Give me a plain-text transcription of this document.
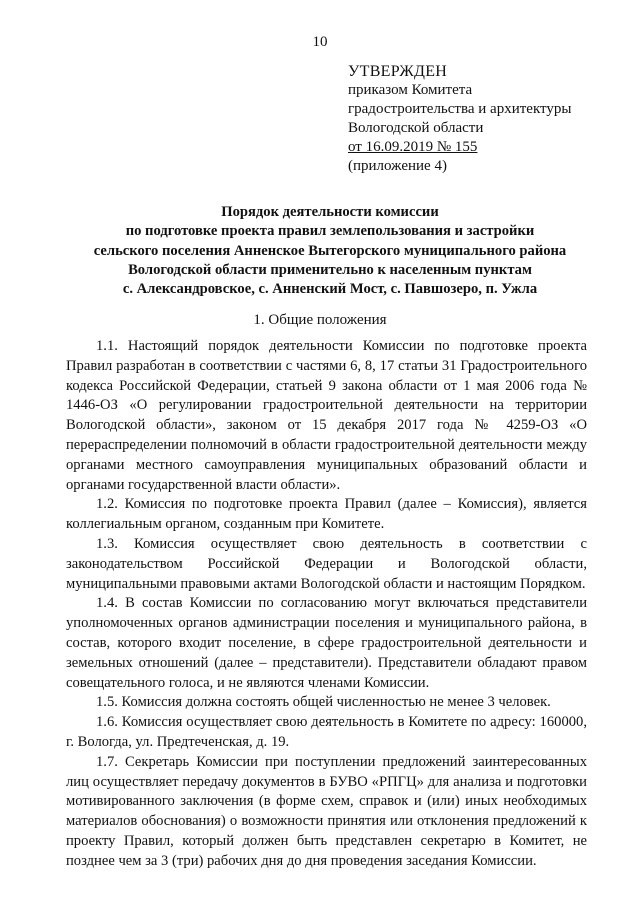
10
УТВЕРЖДЕН
приказом Комитета
градостроительства и архитектуры
Вологодской области
от 16.09.2019 № 155
(приложение 4)
Порядок деятельности комиссии
по подготовке проекта правил землепользования и застройки
сельского поселения Анненское Вытегорского муниципального района
Вологодской области применительно к населенным пунктам
с. Александровское, с. Анненский Мост, с. Павшозеро, п. Ужла
1. Общие положения

1.1. Настоящий порядок деятельности Комиссии по подготовке проекта Правил разработан в соответствии с частями 6, 8, 17 статьи 31 Градостроительного кодекса Российской Федерации, статьей 9 закона области от 1 мая 2006 года № 1446-ОЗ «О регулировании градостроительной деятельности на территории Вологодской области», законом от 15 декабря 2017 года № 4259-ОЗ «О перераспределении полномочий в области градостроительной деятельности между органами местного самоуправления муниципальных образований области и органами государственной власти области».

1.2. Комиссия по подготовке проекта Правил (далее – Комиссия), является коллегиальным органом, созданным при Комитете.

1.3. Комиссия осуществляет свою деятельность в соответствии с законодательством Российской Федерации и Вологодской области, муниципальными правовыми актами Вологодской области и настоящим Порядком.

1.4. В состав Комиссии по согласованию могут включаться представители уполномоченных органов администрации поселения и муниципального района, в состав, которого входит поселение, в сфере градостроительной деятельности и земельных отношений (далее – представители). Представители обладают правом совещательного голоса, и не являются членами Комиссии.

1.5. Комиссия должна состоять общей численностью не менее 3 человек.

1.6. Комиссия осуществляет свою деятельность в Комитете по адресу: 160000, г. Вологда, ул. Предтеченская, д. 19.

1.7. Секретарь Комиссии при поступлении предложений заинтересованных лиц осуществляет передачу документов в БУВО «РПГЦ» для анализа и подготовки мотивированного заключения (в форме схем, справок и (или) иных необходимых материалов обоснования) о возможности принятия или отклонения предложений к проекту Правил, который должен быть представлен секретарю в Комитет, не позднее чем за 3 (три) рабочих дня до дня проведения заседания Комиссии.
